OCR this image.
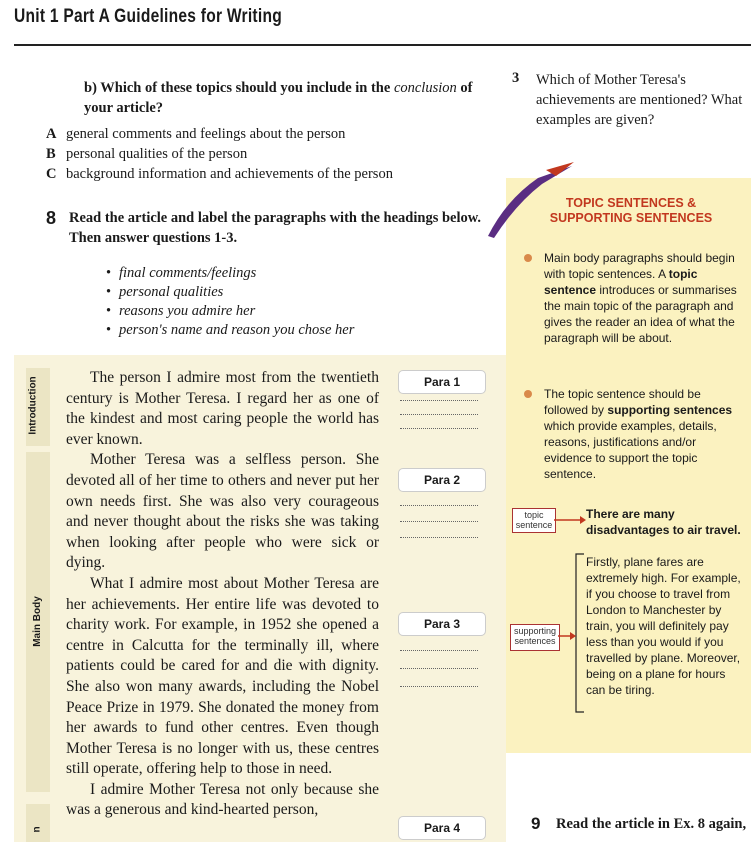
Unit 1 Part A Guidelines for Writing
b) Which of these topics should you include in the conclusion of your article?
A general comments and feelings about the person
B personal qualities of the person
C background information and achievements of the person
8 Read the article and label the paragraphs with the headings below. Then answer questions 1-3.
• final comments/feelings
• personal qualities
• reasons you admire her
• person's name and reason you chose her
Introduction
Main Body
n

The person I admire most from the twentieth century is Mother Teresa. I regard her as one of the kindest and most caring people the world has ever known.

Mother Teresa was a selfless person. She devoted all of her time to others and never put her own needs first. She was also very courageous and never thought about the risks she was taking when looking after people who were sick or dying.

What I admire most about Mother Teresa are her achievements. Her entire life was devoted to charity work. For example, in 1952 she opened a centre in Calcutta for the terminally ill, where patients could be cared for and die with dignity. She also won many awards, including the Nobel Peace Prize in 1979. She donated the money from her awards to fund other centres. Even though Mother Teresa is no longer with us, these centres still operate, offering help to those in need.

I admire Mother Teresa not only because she was a generous and kind-hearted person,

Para 1
Para 2
Para 3
Para 4
3 Which of Mother Teresa's achievements are mentioned? What examples are given?
TOPIC SENTENCES &
SUPPORTING SENTENCES
Main body paragraphs should begin with topic sentences. A topic sentence introduces or summarises the main topic of the paragraph and gives the reader an idea of what the paragraph will be about.
The topic sentence should be followed by supporting sentences which provide examples, details, reasons, justifications and/or evidence to support the topic sentence.
topic sentence
There are many disadvantages to air travel.
supporting sentences
Firstly, plane fares are extremely high. For example, if you choose to travel from London to Manchester by train, you will definitely pay less than you would if you travelled by plane. Moreover, being on a plane for hours can be tiring.
9 Read the article in Ex. 8 again,
